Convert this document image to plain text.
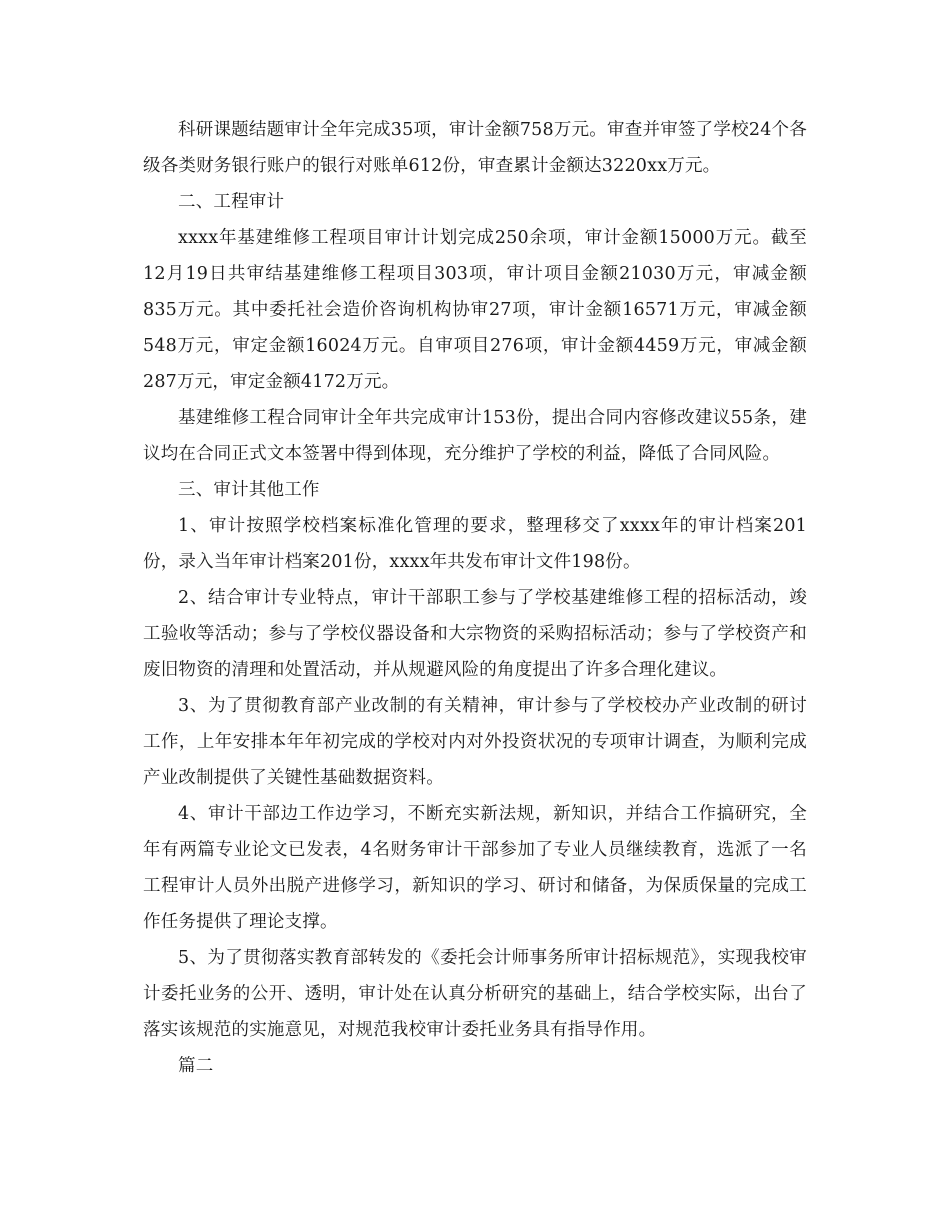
科研课题结题审计全年完成35项，审计金额758万元。审查并审签了学校24个各级各类财务银行账户的银行对账单612份，审查累计金额达3220xx万元。

二、工程审计

xxxx年基建维修工程项目审计计划完成250余项，审计金额15000万元。截至12月19日共审结基建维修工程项目303项，审计项目金额21030万元，审减金额835万元。其中委托社会造价咨询机构协审27项，审计金额16571万元，审减金额548万元，审定金额16024万元。自审项目276项，审计金额4459万元，审减金额287万元，审定金额4172万元。

基建维修工程合同审计全年共完成审计153份，提出合同内容修改建议55条，建议均在合同正式文本签署中得到体现，充分维护了学校的利益，降低了合同风险。

三、审计其他工作

1、审计按照学校档案标准化管理的要求，整理移交了xxxx年的审计档案201份，录入当年审计档案201份，xxxx年共发布审计文件198份。

2、结合审计专业特点，审计干部职工参与了学校基建维修工程的招标活动，竣工验收等活动；参与了学校仪器设备和大宗物资的采购招标活动；参与了学校资产和废旧物资的清理和处置活动，并从规避风险的角度提出了许多合理化建议。

3、为了贯彻教育部产业改制的有关精神，审计参与了学校校办产业改制的研讨工作，上年安排本年年初完成的学校对内对外投资状况的专项审计调查，为顺利完成产业改制提供了关键性基础数据资料。

4、审计干部边工作边学习，不断充实新法规，新知识，并结合工作搞研究，全年有两篇专业论文已发表，4名财务审计干部参加了专业人员继续教育，选派了一名工程审计人员外出脱产进修学习，新知识的学习、研讨和储备，为保质保量的完成工作任务提供了理论支撑。

5、为了贯彻落实教育部转发的《委托会计师事务所审计招标规范》，实现我校审计委托业务的公开、透明，审计处在认真分析研究的基础上，结合学校实际，出台了落实该规范的实施意见，对规范我校审计委托业务具有指导作用。

篇二
